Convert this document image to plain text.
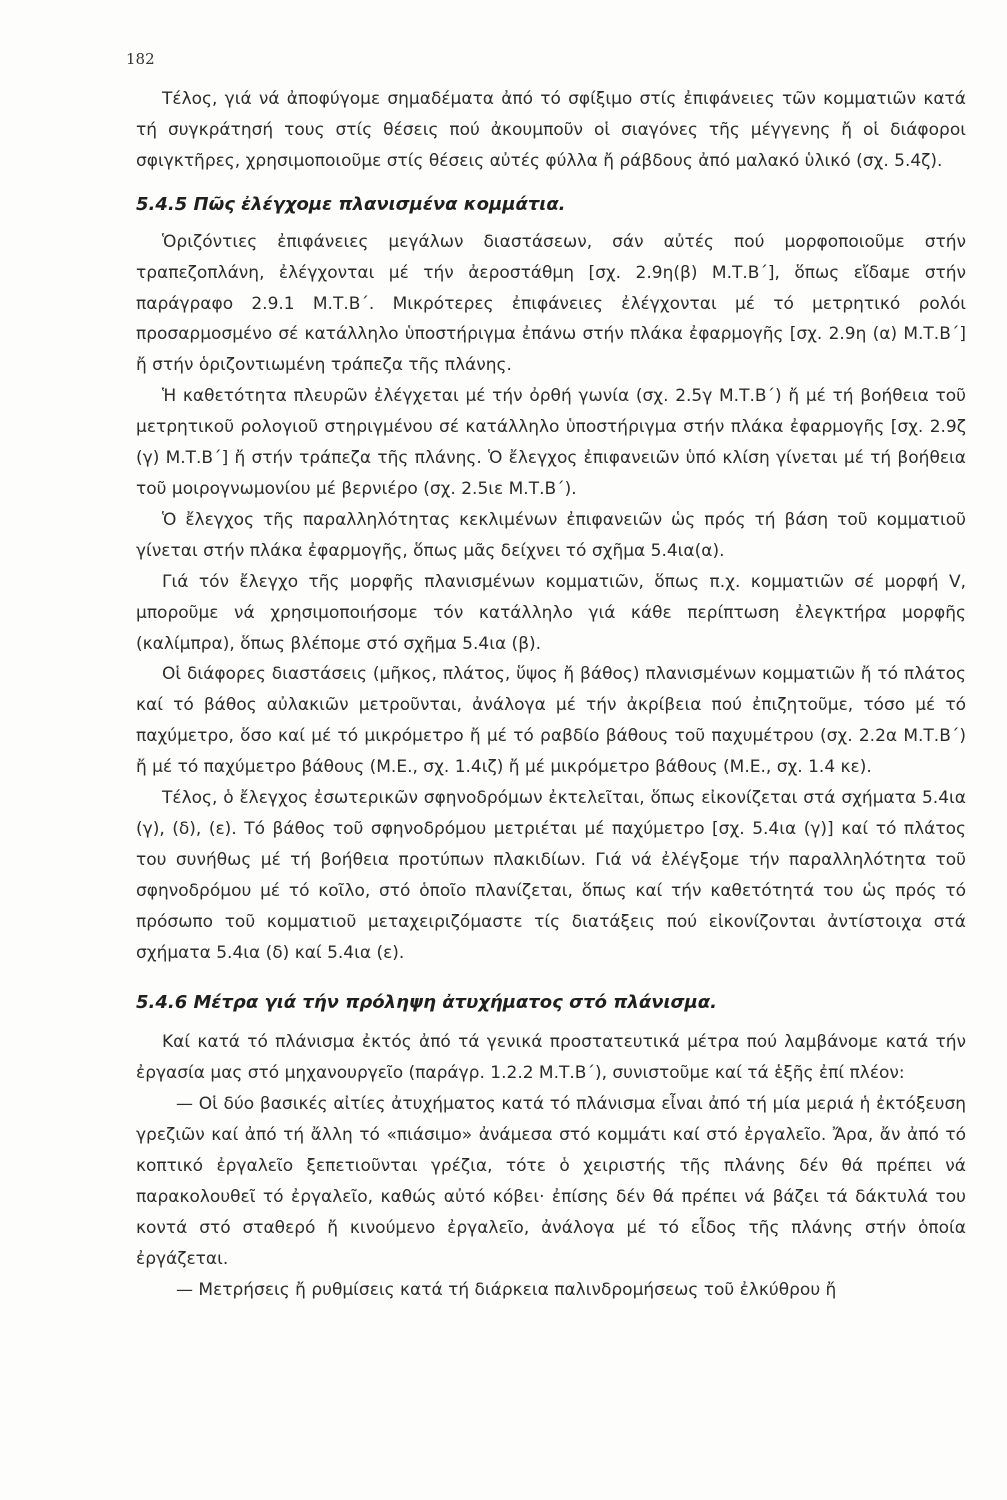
182

Τέλος, γιά νά ἀποφύγομε σημαδέματα ἀπό τό σφίξιμο στίς ἐπιφάνειες τῶν κομματιῶν κατά τή συγκράτησή τους στίς θέσεις πού ἀκουμποῦν οἱ σιαγόνες τῆς μέγγενης ἤ οἱ διάφοροι σφιγκτῆρες, χρησιμοποιοῦμε στίς θέσεις αὐτές φύλλα ἤ ράβδους ἀπό μαλακό ὑλικό (σχ. 5.4ζ).

5.4.5 Πῶς ἐλέγχομε πλανισμένα κομμάτια.

Ὁριζόντιες ἐπιφάνειες μεγάλων διαστάσεων, σάν αὐτές πού μορφοποιοῦμε στήν τραπεζοπλάνη, ἐλέγχονται μέ τήν ἀεροστάθμη [σχ. 2.9η(β) Μ.Τ.Β΄], ὅπως εἴδαμε στήν παράγραφο 2.9.1 Μ.Τ.Β΄. Μικρότερες ἐπιφάνειες ἐλέγχονται μέ τό μετρητικό ρολόι προσαρμοσμένο σέ κατάλληλο ὑποστήριγμα ἐπάνω στήν πλάκα ἐφαρμογῆς [σχ. 2.9η (α) Μ.Τ.Β΄] ἤ στήν ὁριζοντιωμένη τράπεζα τῆς πλάνης.

Ἡ καθετότητα πλευρῶν ἐλέγχεται μέ τήν ὀρθή γωνία (σχ. 2.5γ Μ.Τ.Β΄) ἤ μέ τή βοήθεια τοῦ μετρητικοῦ ρολογιοῦ στηριγμένου σέ κατάλληλο ὑποστήριγμα στήν πλάκα ἐφαρμογῆς [σχ. 2.9ζ (γ) Μ.Τ.Β΄] ἤ στήν τράπεζα τῆς πλάνης. Ὁ ἔλεγχος ἐπιφανειῶν ὑπό κλίση γίνεται μέ τή βοήθεια τοῦ μοιρογνωμονίου μέ βερνιέρο (σχ. 2.5ιε Μ.Τ.Β΄).

Ὁ ἔλεγχος τῆς παραλληλότητας κεκλιμένων ἐπιφανειῶν ὡς πρός τή βάση τοῦ κομματιοῦ γίνεται στήν πλάκα ἐφαρμογῆς, ὅπως μᾶς δείχνει τό σχῆμα 5.4ια(α).

Γιά τόν ἔλεγχο τῆς μορφῆς πλανισμένων κομματιῶν, ὅπως π.χ. κομματιῶν σέ μορφή V, μποροῦμε νά χρησιμοποιήσομε τόν κατάλληλο γιά κάθε περίπτωση ἐλεγκτήρα μορφῆς (καλίμπρα), ὅπως βλέπομε στό σχῆμα 5.4ια (β).

Οἱ διάφορες διαστάσεις (μῆκος, πλάτος, ὕψος ἤ βάθος) πλανισμένων κομματιῶν ἤ τό πλάτος καί τό βάθος αὐλακιῶν μετροῦνται, ἀνάλογα μέ τήν ἀκρίβεια πού ἐπιζητοῦμε, τόσο μέ τό παχύμετρο, ὅσο καί μέ τό μικρόμετρο ἤ μέ τό ραβδίο βάθους τοῦ παχυμέτρου (σχ. 2.2α Μ.Τ.Β΄) ἤ μέ τό παχύμετρο βάθους (Μ.Ε., σχ. 1.4ιζ) ἤ μέ μικρόμετρο βάθους (Μ.Ε., σχ. 1.4 κε).

Τέλος, ὁ ἔλεγχος ἐσωτερικῶν σφηνοδρόμων ἐκτελεῖται, ὅπως εἰκονίζεται στά σχήματα 5.4ια (γ), (δ), (ε). Τό βάθος τοῦ σφηνοδρόμου μετριέται μέ παχύμετρο [σχ. 5.4ια (γ)] καί τό πλάτος του συνήθως μέ τή βοήθεια προτύπων πλακιδίων. Γιά νά ἐλέγξομε τήν παραλληλότητα τοῦ σφηνοδρόμου μέ τό κοῖλο, στό ὁποῖο πλανίζεται, ὅπως καί τήν καθετότητά του ὡς πρός τό πρόσωπο τοῦ κομματιοῦ μεταχειριζόμαστε τίς διατάξεις πού εἰκονίζονται ἀντίστοιχα στά σχήματα 5.4ια (δ) καί 5.4ια (ε).

5.4.6 Μέτρα γιά τήν πρόληψη ἀτυχήματος στό πλάνισμα.

Καί κατά τό πλάνισμα ἐκτός ἀπό τά γενικά προστατευτικά μέτρα πού λαμβάνομε κατά τήν ἐργασία μας στό μηχανουργεῖο (παράγρ. 1.2.2 Μ.Τ.Β΄), συνιστοῦμε καί τά ἑξῆς ἐπί πλέον:

— Οἱ δύο βασικές αἰτίες ἀτυχήματος κατά τό πλάνισμα εἶναι ἀπό τή μία μεριά ἡ ἐκτόξευση γρεζιῶν καί ἀπό τή ἄλλη τό «πιάσιμο» ἀνάμεσα στό κομμάτι καί στό ἐργαλεῖο. Ἄρα, ἄν ἀπό τό κοπτικό ἐργαλεῖο ξεπετιοῦνται γρέζια, τότε ὁ χειριστής τῆς πλάνης δέν θά πρέπει νά παρακολουθεῖ τό ἐργαλεῖο, καθώς αὐτό κόβει· ἐπίσης δέν θά πρέπει νά βάζει τά δάκτυλά του κοντά στό σταθερό ἤ κινούμενο ἐργαλεῖο, ἀνάλογα μέ τό εἶδος τῆς πλάνης στήν ὁποία ἐργάζεται.

— Μετρήσεις ἤ ρυθμίσεις κατά τή διάρκεια παλινδρομήσεως τοῦ ἐλκύθρου ἤ
